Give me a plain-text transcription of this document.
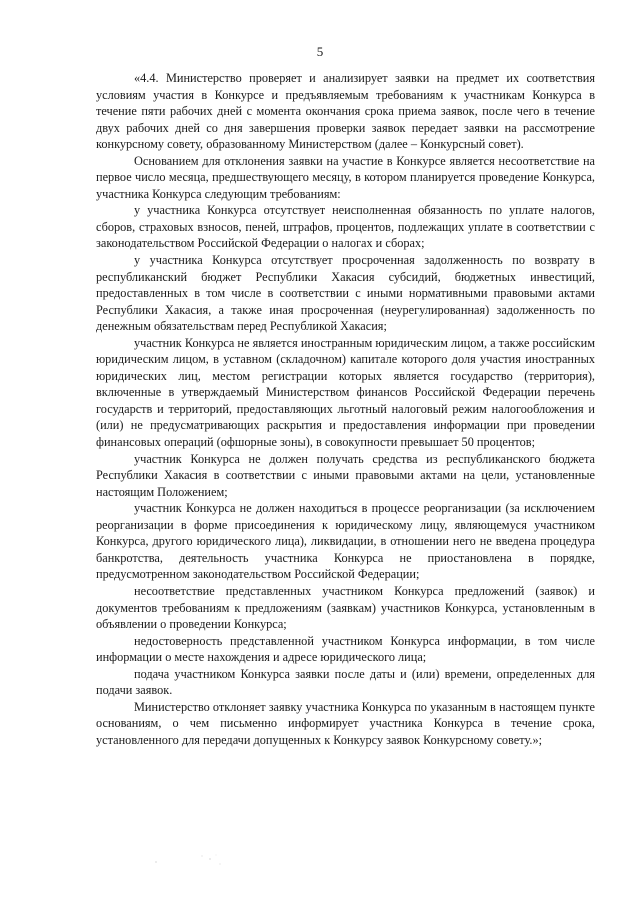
5

«4.4. Министерство проверяет и анализирует заявки на предмет их соответствия условиям участия в Конкурсе и предъявляемым требованиям к участникам Конкурса в течение пяти рабочих дней с момента окончания срока приема заявок, после чего в течение двух рабочих дней со дня завершения проверки заявок передает заявки на рассмотрение конкурсному совету, образованному Министерством (далее – Конкурсный совет).

Основанием для отклонения заявки на участие в Конкурсе является несоответствие на первое число месяца, предшествующего месяцу, в котором планируется проведение Конкурса, участника Конкурса следующим требованиям:

у участника Конкурса отсутствует неисполненная обязанность по уплате налогов, сборов, страховых взносов, пеней, штрафов, процентов, подлежащих уплате в соответствии с законодательством Российской Федерации о налогах и сборах;

у участника Конкурса отсутствует просроченная задолженность по возврату в республиканский бюджет Республики Хакасия субсидий, бюджетных инвестиций, предоставленных в том числе в соответствии с иными нормативными правовыми актами Республики Хакасия, а также иная просроченная (неурегулированная) задолженность по денежным обязательствам перед Республикой Хакасия;

участник Конкурса не является иностранным юридическим лицом, а также российским юридическим лицом, в уставном (складочном) капитале которого доля участия иностранных юридических лиц, местом регистрации которых является государство (территория), включенные в утверждаемый Министерством финансов Российской Федерации перечень государств и территорий, предоставляющих льготный налоговый режим налогообложения и (или) не предусматривающих раскрытия и предоставления информации при проведении финансовых операций (офшорные зоны), в совокупности превышает 50 процентов;

участник Конкурса не должен получать средства из республиканского бюджета Республики Хакасия в соответствии с иными правовыми актами на цели, установленные настоящим Положением;

участник Конкурса не должен находиться в процессе реорганизации (за исключением реорганизации в форме присоединения к юридическому лицу, являющемуся участником Конкурса, другого юридического лица), ликвидации, в отношении него не введена процедура банкротства, деятельность участника Конкурса не приостановлена в порядке, предусмотренном законодательством Российской Федерации;

несоответствие представленных участником Конкурса предложений (заявок) и документов требованиям к предложениям (заявкам) участников Конкурса, установленным в объявлении о проведении Конкурса;

недостоверность представленной участником Конкурса информации, в том числе информации о месте нахождения и адресе юридического лица;

подача участником Конкурса заявки после даты и (или) времени, определенных для подачи заявок.

Министерство отклоняет заявку участника Конкурса по указанным в настоящем пункте основаниям, о чем письменно информирует участника Конкурса в течение срока, установленного для передачи допущенных к Конкурсу заявок Конкурсному совету.»;
